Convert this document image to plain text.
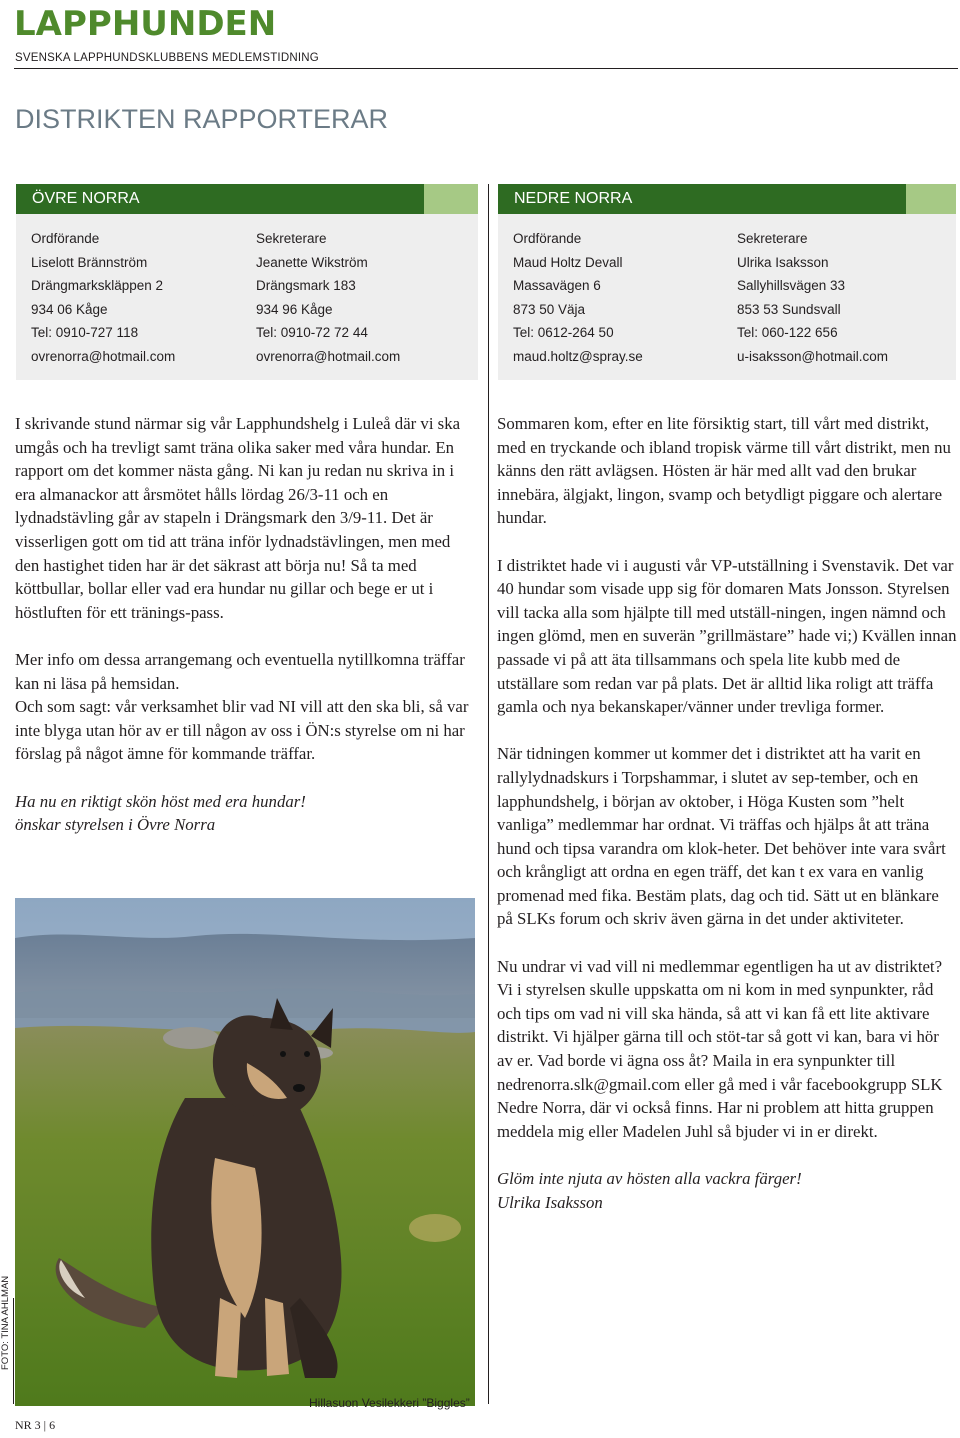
LAPPHUNDEN
SVENSKA LAPPHUNDSKLUBBENS MEDLEMSTIDNING
DISTRIKTEN RAPPORTERAR
ÖVRE NORRA
Ordförande
Liselott Brännström
Drängmarkskläppen 2
934 06 Kåge
Tel: 0910-727 118
ovrenorra@hotmail.com
Sekreterare
Jeanette Wikström
Drängsmark 183
934 96 Kåge
Tel: 0910-72 72 44
ovrenorra@hotmail.com
NEDRE NORRA
Ordförande
Maud Holtz Devall
Massavägen 6
873 50 Väja
Tel: 0612-264 50
maud.holtz@spray.se
Sekreterare
Ulrika Isaksson
Sallyhillsvägen 33
853 53 Sundsvall
Tel: 060-122 656
u-isaksson@hotmail.com

I skrivande stund närmar sig vår Lapphundshelg i Luleå där vi ska umgås och ha trevligt samt träna olika saker med våra hundar. En rapport om det kommer nästa gång. Ni kan ju redan nu skriva in i era almanackor att årsmötet hålls lördag 26/3-11 och en lydnadstävling går av stapeln i Drängsmark den 3/9-11. Det är visserligen gott om tid att träna inför lydnadstävlingen, men med den hastighet tiden har är det säkrast att börja nu! Så ta med köttbullar, bollar eller vad era hundar nu gillar och bege er ut i höstluften för ett tränings-pass.

Mer info om dessa arrangemang och eventuella nytillkomna träffar kan ni läsa på hemsidan.

Och som sagt: vår verksamhet blir vad NI vill att den ska bli, så var inte blyga utan hör av er till någon av oss i ÖN:s styrelse om ni har förslag på något ämne för kommande träffar.

Ha nu en riktigt skön höst med era hundar!

önskar styrelsen i Övre Norra

Sommaren kom, efter en lite försiktig start, till vårt med distrikt, med en tryckande och ibland tropisk värme till vårt distrikt, men nu känns den rätt avlägsen. Hösten är här med allt vad den brukar innebära, älgjakt, lingon, svamp och betydligt piggare och alertare hundar.

I distriktet hade vi i augusti vår VP-utställning i Svenstavik. Det var 40 hundar som visade upp sig för domaren Mats Jonsson. Styrelsen vill tacka alla som hjälpte till med utställ-ningen, ingen nämnd och ingen glömd, men en suverän ”grillmästare” hade vi;) Kvällen innan passade vi på att äta tillsammans och spela lite kubb med de utställare som redan var på plats. Det är alltid lika roligt att träffa gamla och nya bekanskaper/vänner under trevliga former.

När tidningen kommer ut kommer det i distriktet att ha varit en rallylydnadskurs i Torpshammar, i slutet av sep-tember, och en lapphundshelg, i början av oktober, i Höga Kusten som ”helt vanliga” medlemmar har ordnat. Vi träffas och hjälps åt att träna hund och tipsa varandra om klok-heter. Det behöver inte vara svårt och krångligt att ordna en egen träff, det kan t ex vara en vanlig promenad med fika. Bestäm plats, dag och tid. Sätt ut en blänkare på SLKs forum och skriv även gärna in det under aktiviteter.

Nu undrar vi vad vill ni medlemmar egentligen ha ut av distriktet? Vi i styrelsen skulle uppskatta om ni kom in med synpunkter, råd och tips om vad ni vill ska hända, så att vi kan få ett lite aktivare distrikt. Vi hjälper gärna till och stöt-tar så gott vi kan, bara vi hör av er. Vad borde vi ägna oss åt? Maila in era synpunkter till nedrenorra.slk@gmail.com eller gå med i vår facebookgrupp SLK Nedre Norra, där vi också finns. Har ni problem att hitta gruppen meddela mig eller Madelen Juhl så bjuder vi in er direkt.

Glöm inte njuta av hösten alla vackra färger!

Ulrika Isaksson

Hillasuon Vesilekkeri ”Biggles”
FOTO: TINA AHLMAN
NR 3 | 6
